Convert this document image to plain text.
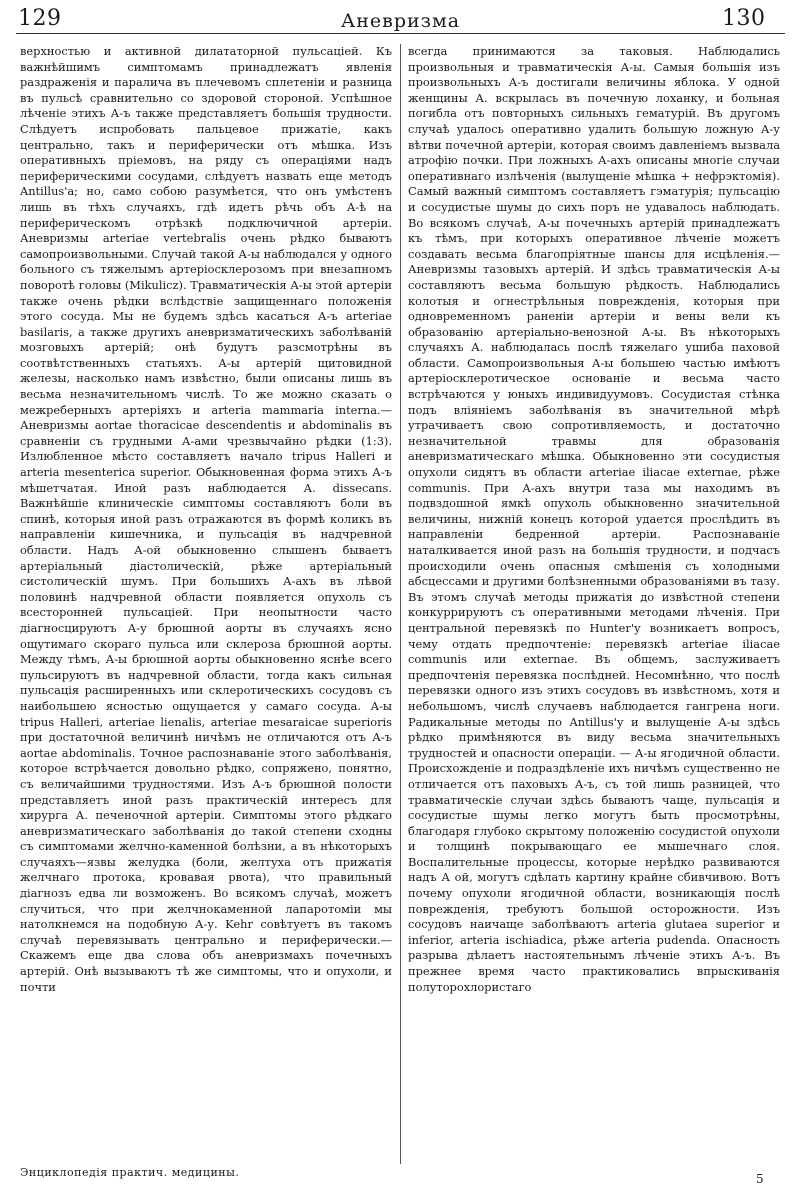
129	Аневризма	130

верхностью и активной дилататорной пульсаціей. Къ важнѣйшимъ симптомамъ принадлежатъ явленія раздраженія и паралича въ плечевомъ сплетеніи и разница въ пульсѣ сравнительно со здоровой стороной. Успѣшное лѣченіе этихъ А-ъ также представляетъ большія трудности. Слѣдуетъ испробовать пальцевое прижатіе, какъ центрально, такъ и периферически отъ мѣшка. Изъ оперативныхъ пріемовъ, на ряду съ операціями надъ периферическими сосудами, слѣдуетъ назвать еще методъ Antillus'a; но, само собою разумѣется, что онъ умѣстенъ лишь въ тѣхъ случаяхъ, гдѣ идетъ рѣчь объ А-ѣ на периферическомъ отрѣзкѣ подключичной артеріи. Аневризмы arteriae vertebralis очень рѣдко бываютъ самопроизвольными. Случай такой А-ы наблюдался у одного больного съ тяжелымъ артеріосклерозомъ при внезапномъ поворотѣ головы (Mikulicz). Травматическія А-ы этой артеріи также очень рѣдки вслѣдствіе защищеннаго положенія этого сосуда. Мы не будемъ здѣсь касаться А-ъ arteriae basilaris, а также другихъ аневризматическихъ заболѣваній мозговыхъ артерій; онѣ будутъ разсмотрѣны въ соотвѣтственныхъ статьяхъ. А-ы артерій щитовидной железы, насколько намъ извѣстно, были описаны лишь въ весьма незначительномъ числѣ. То же можно сказать о межреберныхъ артеріяхъ и arteria mammaria interna.—Аневризмы aortae thoracicae descendentis и abdominalis въ сравненіи съ грудными А-ами чрезвычайно рѣдки (1:3). Излюбленное мѣсто составляетъ начало tripus Halleri и arteria mesenterica superior. Обыкновенная форма этихъ А-ъ мѣшетчатая. Иной разъ наблюдается А. dissecans. Важнѣйшіе клиническіе симптомы составляютъ боли въ спинѣ, которыя иной разъ отражаются въ формѣ коликъ въ направленіи кишечника, и пульсація въ надчревной области. Надъ А-ой обыкновенно слышенъ бываетъ артеріальный діастолическій, рѣже артеріальный систолическій шумъ. При большихъ А-ахъ въ лѣвой половинѣ надчревной области появляется опухоль съ всесторонней пульсаціей. При неопытности часто діагносцируютъ А-у брюшной аорты въ случаяхъ ясно ощутимаго скораго пульса или склероза брюшной аорты. Между тѣмъ, А-ы брюшной аорты обыкновенно яснѣе всего пульсируютъ въ надчревной области, тогда какъ сильная пульсація расширенныхъ или склеротическихъ сосудовъ съ наибольшею ясностью ощущается у самаго сосуда. А-ы tripus Halleri, arteriae lienalis, arteriae mesaraicae superioris при достаточной величинѣ ничѣмъ не отличаются отъ А-ъ aortae abdominalis. Точное распознаваніе этого заболѣванія, которое встрѣчается довольно рѣдко, сопряжено, понятно, съ величайшими трудностями. Изъ А-ъ брюшной полости представляетъ иной разъ практическій интересъ для хирурга А. печеночной артеріи. Симптомы этого рѣдкаго аневризматическаго заболѣванія до такой степени сходны съ симптомами желчно-каменной болѣзни, а въ нѣкоторыхъ случаяхъ—язвы желудка (боли, желтуха отъ прижатія желчнаго протока, кровавая рвота), что правильный діагнозъ едва ли возможенъ. Во всякомъ случаѣ, можетъ случиться, что при желчнокаменной лапаротоміи мы натолкнемся на подобную А-у. Kehr совѣтуетъ въ такомъ случаѣ перевязывать центрально и периферически.—Скажемъ еще два слова объ аневризмахъ почечныхъ артерій. Онѣ вызываютъ тѣ же симптомы, что и опухоли, и почти

всегда принимаются за таковыя. Наблюдались произвольныя и травматическія А-ы. Самыя большія изъ произвольныхъ А-ъ достигали величины яблока. У одной женщины А. вскрылась въ почечную лоханку, и больная погибла отъ повторныхъ сильныхъ гематурій. Въ другомъ случаѣ удалось оперативно удалить большую ложную А-у вѣтви почечной артеріи, которая своимъ давленіемъ вызвала атрофію почки. При ложныхъ А-ахъ описаны многіе случаи оперативнаго излѣченія (вылущеніе мѣшка + нефрэктомія). Самый важный симптомъ составляетъ гэматурія; пульсацію и сосудистые шумы до сихъ поръ не удавалось наблюдать. Во всякомъ случаѣ, А-ы почечныхъ артерій принадлежатъ къ тѣмъ, при которыхъ оперативное лѣченіе можетъ создавать весьма благопріятные шансы для исцѣленія.— Аневризмы тазовыхъ артерій. И здѣсь травматическія А-ы составляютъ весьма большую рѣдкость. Наблюдались колотыя и огнестрѣльныя поврежденія, которыя при одновременномъ раненіи артеріи и вены вели къ образованію артеріально-венозной А-ы. Въ нѣкоторыхъ случаяхъ А. наблюдалась послѣ тяжелаго ушиба паховой области. Самопроизвольныя А-ы большею частью имѣютъ артеріосклеротическое основаніе и весьма часто встрѣчаются у юныхъ индивидуумовъ. Сосудистая стѣнка подъ вліяніемъ заболѣванія въ значительной мѣрѣ утрачиваетъ свою сопротивляемость, и достаточно незначительной травмы для образованія аневризматическаго мѣшка. Обыкновенно эти сосудистыя опухоли сидятъ въ области arteriae iliacae externae, рѣже communis. При А-ахъ внутри таза мы находимъ въ подвздошной ямкѣ опухоль обыкновенно значительной величины, нижній конецъ которой удается прослѣдить въ направленіи бедренной артеріи. Распознаваніе наталкивается иной разъ на большія трудности, и подчасъ происходили очень опасныя смѣшенія съ холодными абсцессами и другими болѣзненными образованіями въ тазу. Въ этомъ случаѣ методы прижатія до извѣстной степени конкуррируютъ съ оперативными методами лѣченія. При центральной перевязкѣ по Hunter'у возникаетъ вопросъ, чему отдать предпочтеніе: перевязкѣ arteriae iliacae communis или externae. Въ общемъ, заслуживаетъ предпочтенія перевязка послѣдней. Несомнѣнно, что послѣ перевязки одного изъ этихъ сосудовъ въ извѣстномъ, хотя и небольшомъ, числѣ случаевъ наблюдается гангрена ноги. Радикальные методы по Antillus'у и вылущеніе А-ы здѣсь рѣдко примѣняются въ виду весьма значительныхъ трудностей и опасности операціи. — А-ы ягодичной области. Происхожденіе и подраздѣленіе ихъ ничѣмъ существенно не отличается отъ паховыхъ А-ъ, съ той лишь разницей, что травматическіе случаи здѣсь бываютъ чаще, пульсація и сосудистые шумы легко могутъ быть просмотрѣны, благодаря глубоко скрытому положенію сосудистой опухоли и толщинѣ покрывающаго ее мышечнаго слоя. Воспалительные процессы, которые нерѣдко развиваются надъ А ой, могутъ сдѣлать картину крайне сбивчивою. Вотъ почему опухоли ягодичной области, возникающія послѣ поврежденія, требуютъ большой осторожности. Изъ сосудовъ наичаще заболѣваютъ arteria glutaea superior и inferior, arteria ischiadica, рѣже arteria pudenda. Опасность разрыва дѣлаетъ настоятельнымъ лѣченіе этихъ А-ъ. Въ прежнее время часто практиковались впрыскиванія полуторохлористаго

Энциклопедія практич. медицины.	5
